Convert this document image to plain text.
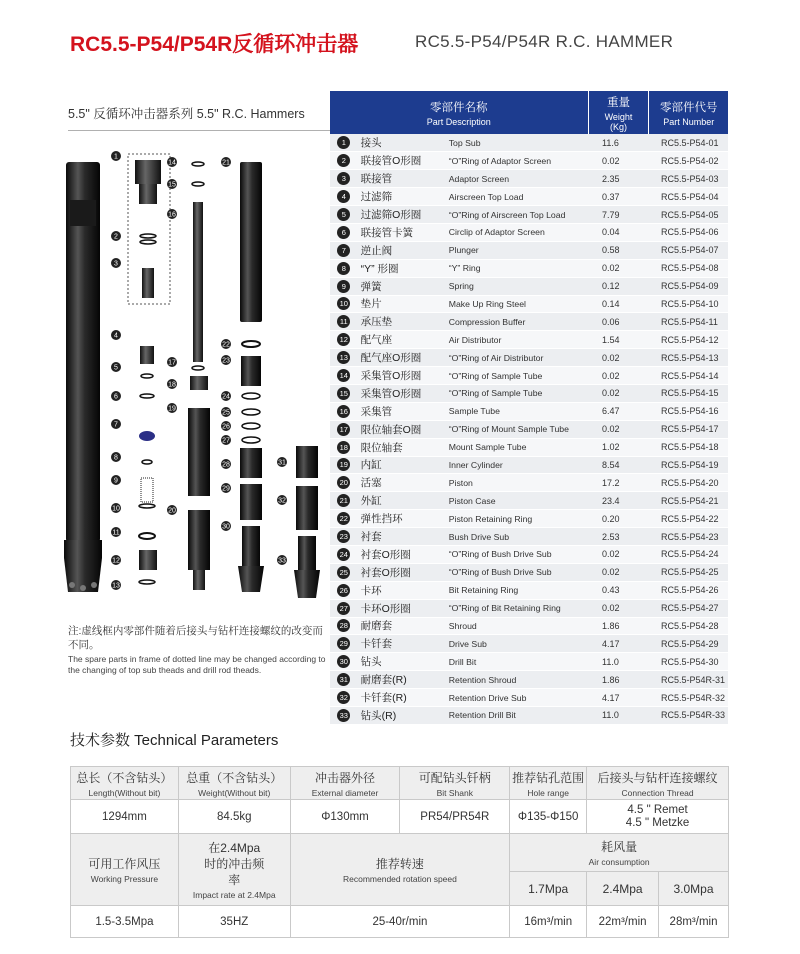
RC5.5-P54/P54R反循环冲击器	RC5.5-P54/P54R R.C. HAMMER
5.5" 反循环冲击器系列 5.5" R.C. Hammers
1
2
3
4
5
6
7
8
9
10
11
12
13
14
15
16
17
18
19
20
21
22
23
24
25
26
27
28
29
30
31
32
33
零部件名称
Part Description			重量
Weight
(Kg)	零部件代号
Part Number

1	接头	Top Sub	11.6	RC5.5-P54-01
2	联接管O形圈	“O”Ring of Adaptor Screen	0.02	RC5.5-P54-02
3	联接管	Adaptor Screen	2.35	RC5.5-P54-03
4	过滤筛	Airscreen Top Load	0.37	RC5.5-P54-04
5	过滤筛O形圈	“O”Ring of Airscreen Top Load	7.79	RC5.5-P54-05
6	联接管卡簧	Circlip of Adaptor Screen	0.04	RC5.5-P54-06
7	逆止阀	Plunger	0.58	RC5.5-P54-07
8	“Y” 形圈	“Y” Ring	0.02	RC5.5-P54-08
9	弹簧	Spring	0.12	RC5.5-P54-09
10	垫片	Make Up Ring Steel	0.14	RC5.5-P54-10
11	承压垫	Compression Buffer	0.06	RC5.5-P54-11
12	配气座	Air Distributor	1.54	RC5.5-P54-12
13	配气座O形圈	“O”Ring of Air Distributor	0.02	RC5.5-P54-13
14	采集管O形圈	“O”Ring of Sample Tube	0.02	RC5.5-P54-14
15	采集管O形圈	“O”Ring of Sample Tube	0.02	RC5.5-P54-15
16	采集管	Sample Tube	6.47	RC5.5-P54-16
17	限位轴套O圈	“O”Ring of Mount Sample Tube	0.02	RC5.5-P54-17
18	限位轴套	Mount Sample Tube	1.02	RC5.5-P54-18
19	内缸	Inner Cylinder	8.54	RC5.5-P54-19
20	活塞	Piston	17.2	RC5.5-P54-20
21	外缸	Piston Case	23.4	RC5.5-P54-21
22	弹性挡环	Piston Retaining Ring	0.20	RC5.5-P54-22
23	衬套	Bush Drive Sub	2.53	RC5.5-P54-23
24	衬套O形圈	“O”Ring of Bush Drive Sub	0.02	RC5.5-P54-24
25	衬套O形圈	“O”Ring of Bush Drive Sub	0.02	RC5.5-P54-25
26	卡环	Bit Retaining Ring	0.43	RC5.5-P54-26
27	卡环O形圈	“O”Ring of Bit Retaining Ring	0.02	RC5.5-P54-27
28	耐磨套	Shroud	1.86	RC5.5-P54-28
29	卡钎套	Drive Sub	4.17	RC5.5-P54-29
30	钻头	Drill Bit	11.0	RC5.5-P54-30
31	耐磨套(R)	Retention Shroud	1.86	RC5.5-P54R-31
32	卡钎套(R)	Retention Drive Sub	4.17	RC5.5-P54R-32
33	钻头(R)	Retention Drill Bit	11.0	RC5.5-P54R-33
注:虚线框内零部件随着后接头与钻杆连接螺纹的改变而不同。
The spare parts in frame of dotted line may be changed according to the changing of top sub theads and drill rod theads.
技术参数 Technical Parameters
总长（不含钻头）
Length(Without bit)	总重（不含钻头）
Weight(Without bit)	冲击器外径
External diameter	可配钻头钎柄
Bit Shank	推荐钻孔范围
Hole range	后接头与钻杆连接螺纹
Connection Thread	

1294mm	84.5kg	Φ130mm	PR54/PR54R	Φ135-Φ150	4.5 " Remet
4.5 " Metzke	

可用工作风压
Working Pressure	在2.4Mpa时的冲击频率
Impact rate at 2.4Mpa	推荐转速
Recommended rotation speed		耗风量
Air consumption		

				1.7Mpa	2.4Mpa	3.0Mpa
1.5-3.5Mpa	35HZ	25-40r/min		16m³/min	22m³/min	28m³/min
